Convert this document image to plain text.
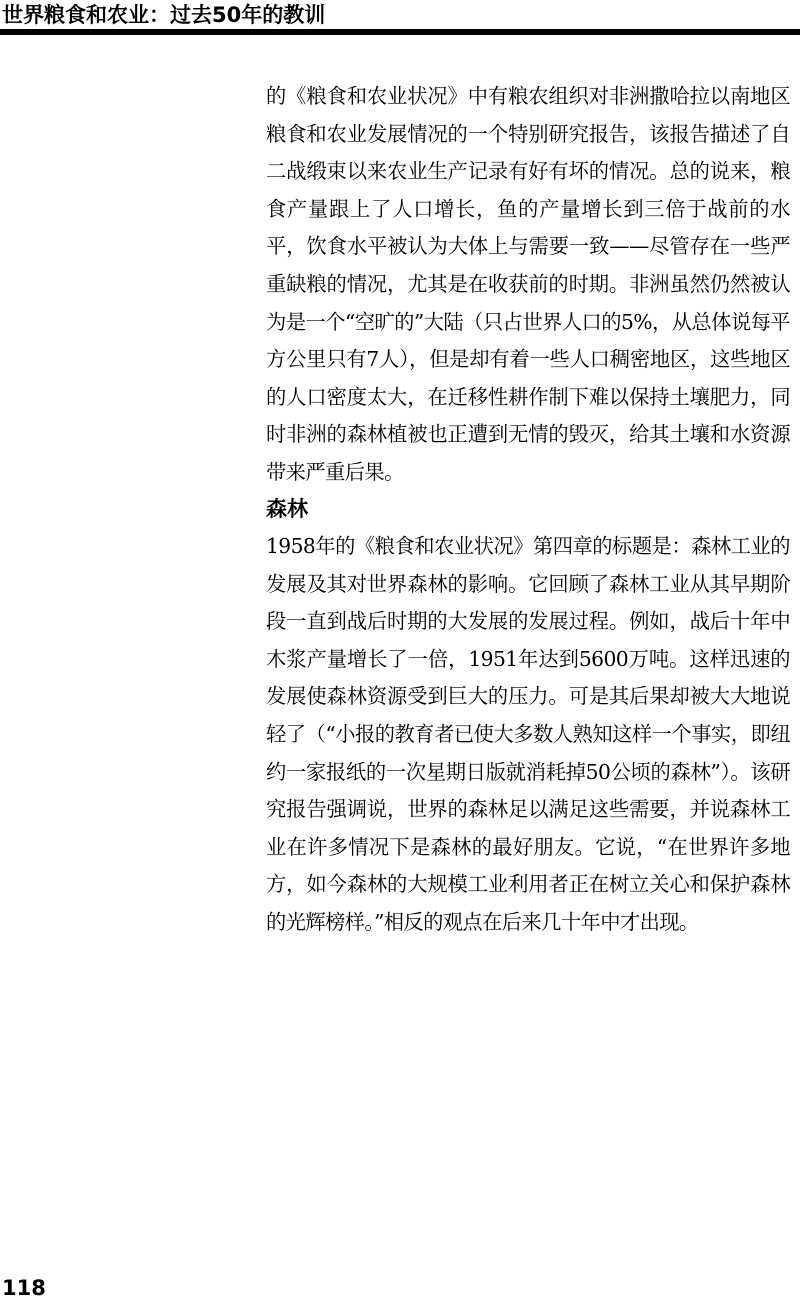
世界粮食和农业：过去50年的教训

的《粮食和农业状况》中有粮农组织对非洲撒哈拉以南地区粮食和农业发展情况的一个特别研究报告，该报告描述了自二战缎束以来农业生产记录有好有坏的情况。总的说来，粮食产量跟上了人口增长，鱼的产量增长到三倍于战前的水平，饮食水平被认为大体上与需要一致——尽管存在一些严重缺粮的情况，尤其是在收获前的时期。非洲虽然仍然被认为是一个“空旷的”大陆（只占世界人口的5%，从总体说每平方公里只有7人），但是却有着一些人口稠密地区，这些地区的人口密度太大，在迁移性耕作制下难以保持土壤肥力，同时非洲的森林植被也正遭到无情的毁灭，给其土壤和水资源带来严重后果。

森林

1958年的《粮食和农业状况》第四章的标题是：森林工业的发展及其对世界森林的影响。它回顾了森林工业从其早期阶段一直到战后时期的大发展的发展过程。例如，战后十年中木浆产量增长了一倍，1951年达到5600万吨。这样迅速的发展使森林资源受到巨大的压力。可是其后果却被大大地说轻了（“小报的教育者已使大多数人熟知这样一个事实，即纽约一家报纸的一次星期日版就消耗掉50公顷的森林”）。该研究报告强调说，世界的森林足以满足这些需要，并说森林工业在许多情况下是森林的最好朋友。它说，“在世界许多地方，如今森林的大规模工业利用者正在树立关心和保护森林的光辉榜样。”相反的观点在后来几十年中才出现。

118
